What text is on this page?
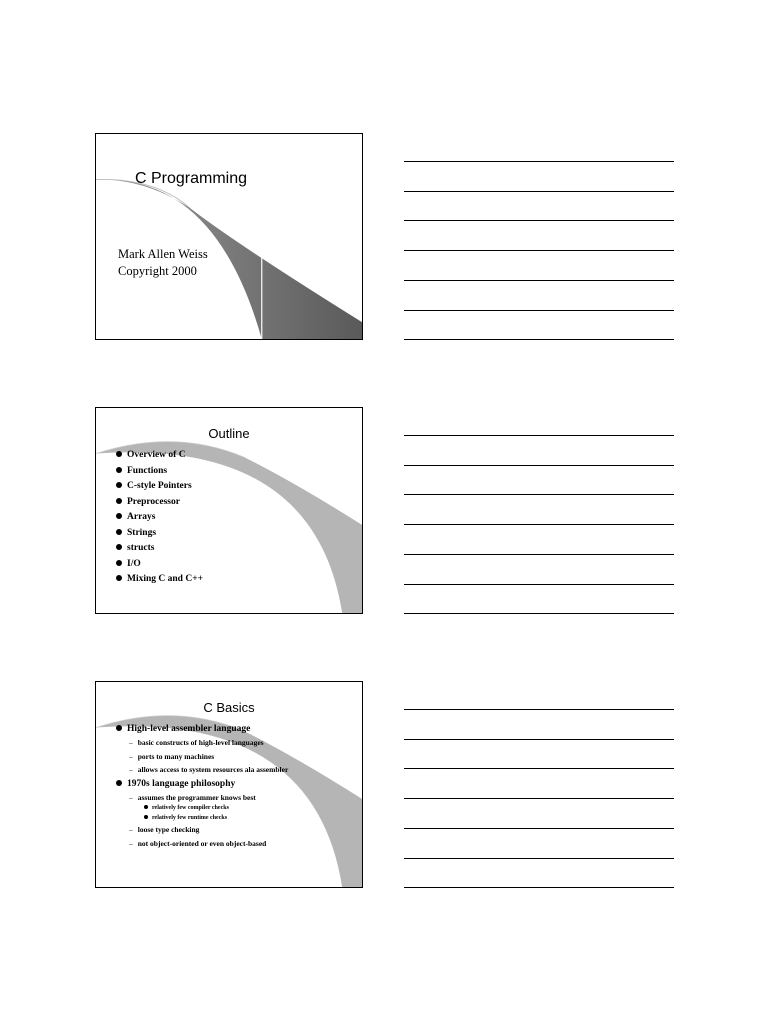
C Programming
Mark Allen Weiss
Copyright 2000
Outline
Overview of C
Functions
C-style Pointers
Preprocessor
Arrays
Strings
structs
I/O
Mixing C and C++
C Basics
High-level assembler language
– basic constructs of high-level languages
– ports to many machines
– allows access to system resources ala assembler
1970s language philosophy
– assumes the programmer knows best
relatively few compiler checks
relatively few runtime checks
– loose type checking
– not object-oriented or even object-based
